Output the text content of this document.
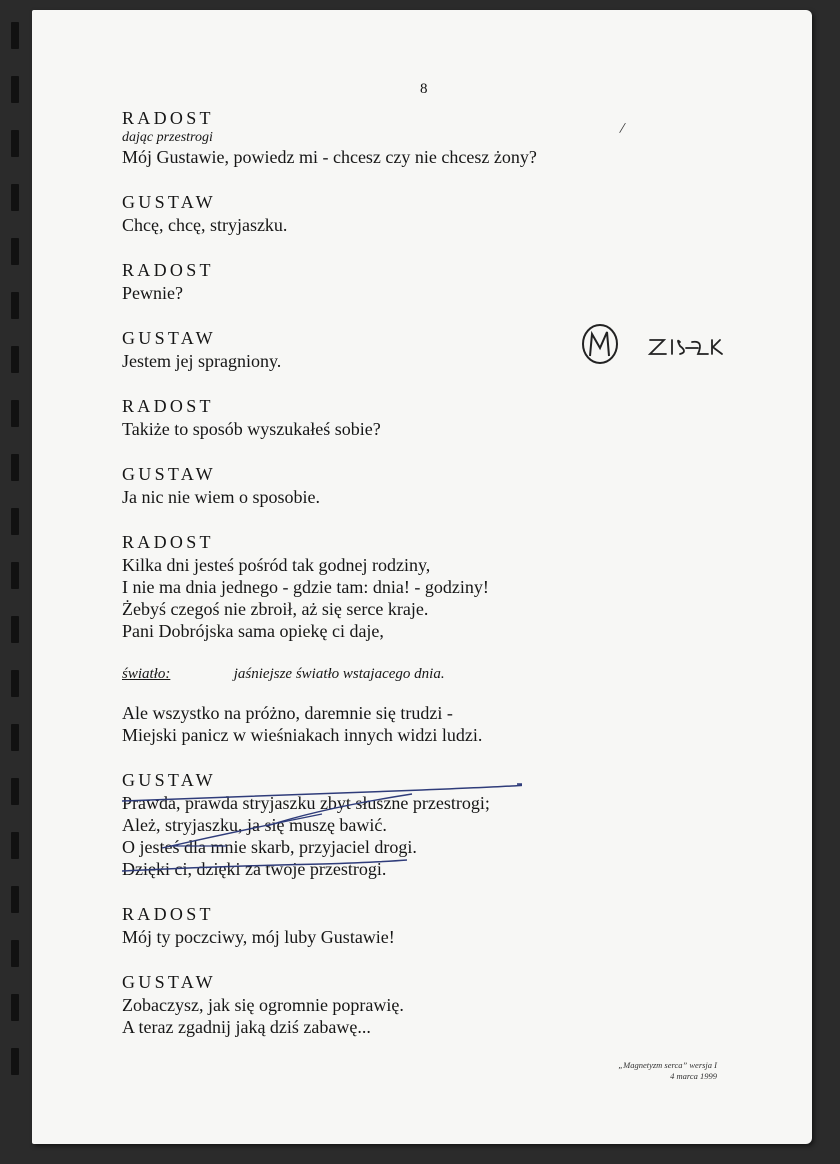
8
/
RADOST
dając przestrogi
Mój Gustawie, powiedz mi - chcesz czy nie chcesz żony?
GUSTAW
Chcę, chcę, stryjaszku.
RADOST
Pewnie?
GUSTAW
Jestem jej spragniony.
RADOST
Takiże to sposób wyszukałeś sobie?
GUSTAW
Ja nic nie wiem o sposobie.
RADOST
Kilka dni jesteś pośród tak godnej rodziny,
I nie ma dnia jednego - gdzie tam: dnia! - godziny!
Żebyś czegoś nie zbroił, aż się serce kraje.
Pani Dobrójska sama opiekę ci daje,
światło:	jaśniejsze światło wstajacego dnia.
Ale wszystko na próżno, daremnie się trudzi -
Miejski panicz w wieśniakach innych widzi ludzi.
GUSTAW
Prawda, prawda stryjaszku zbyt słuszne przestrogi;
Ależ, stryjaszku, ja się muszę bawić.
O jesteś dla mnie skarb, przyjaciel drogi.
Dzięki ci, dzięki za twoje przestrogi.
RADOST
Mój ty poczciwy, mój luby Gustawie!
GUSTAW
Zobaczysz, jak się ogromnie poprawię.
A teraz zgadnij jaką dziś zabawę...
„Magnetyzm serca” wersja I
4 marca 1999
